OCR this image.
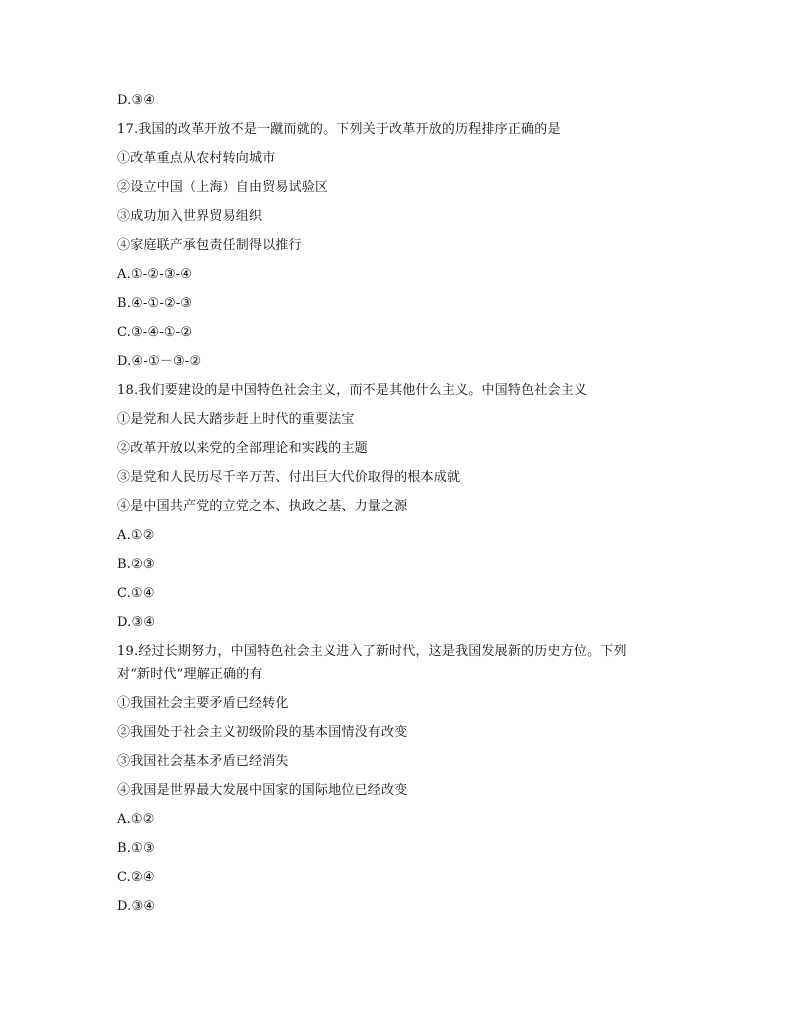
D.③④
17.我国的改革开放不是一蹴而就的。下列关于改革开放的历程排序正确的是
①改革重点从农村转向城市
②设立中国（上海）自由贸易试验区
③成功加入世界贸易组织
④家庭联产承包责任制得以推行
A.①-②-③-④
B.④-①-②-③
C.③-④-①-②
D.④-①－③-②
18.我们要建设的是中国特色社会主义，而不是其他什么主义。中国特色社会主义
①是党和人民大踏步赶上时代的重要法宝
②改革开放以来党的全部理论和实践的主题
③是党和人民历尽千辛万苦、付出巨大代价取得的根本成就
④是中国共产党的立党之本、执政之基、力量之源
A.①②
B.②③
C.①④
D.③④
19.经过长期努力，中国特色社会主义进入了新时代，这是我国发展新的历史方位。下列
对“新时代”理解正确的有
①我国社会主要矛盾已经转化
②我国处于社会主义初级阶段的基本国情没有改变
③我国社会基本矛盾已经消失
④我国是世界最大发展中国家的国际地位已经改变
A.①②
B.①③
C.②④
D.③④
